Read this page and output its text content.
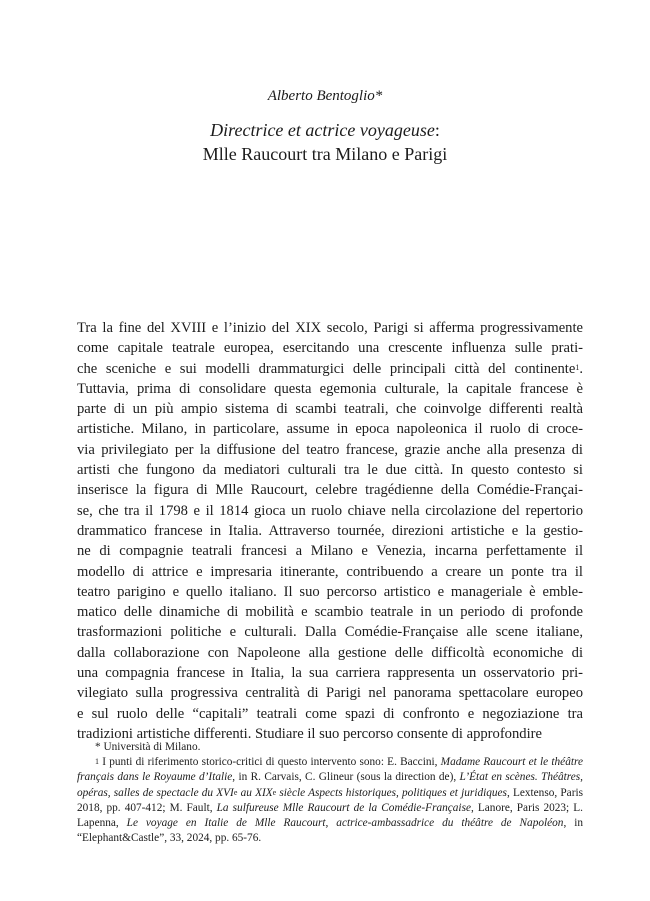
Alberto Bentoglio*
Directrice et actrice voyageuse:
Mlle Raucourt tra Milano e Parigi
Tra la fine del XVIII e l’inizio del XIX secolo, Parigi si afferma progressivamente
come capitale teatrale europea, esercitando una crescente influenza sulle prati-
che sceniche e sui modelli drammaturgici delle principali città del continente$^1$.
Tuttavia, prima di consolidare questa egemonia culturale, la capitale francese è
parte di un più ampio sistema di scambi teatrali, che coinvolge differenti realtà
artistiche. Milano, in particolare, assume in epoca napoleonica il ruolo di croce-
via privilegiato per la diffusione del teatro francese, grazie anche alla presenza di
artisti che fungono da mediatori culturali tra le due città. In questo contesto si
inserisce la figura di Mlle Raucourt, celebre tragédienne della Comédie-Françai-
se, che tra il 1798 e il 1814 gioca un ruolo chiave nella circolazione del repertorio
drammatico francese in Italia. Attraverso tournée, direzioni artistiche e la gestio-
ne di compagnie teatrali francesi a Milano e Venezia, incarna perfettamente il
modello di attrice e impresaria itinerante, contribuendo a creare un ponte tra il
teatro parigino e quello italiano. Il suo percorso artistico e manageriale è emble-
matico delle dinamiche di mobilità e scambio teatrale in un periodo di profonde
trasformazioni politiche e culturali. Dalla Comédie-Française alle scene italiane,
dalla collaborazione con Napoleone alla gestione delle difficoltà economiche di
una compagnia francese in Italia, la sua carriera rappresenta un osservatorio pri-
vilegiato sulla progressiva centralità di Parigi nel panorama spettacolare europeo
e sul ruolo delle “capitali” teatrali come spazi di confronto e negoziazione tra
tradizioni artistiche differenti. Studiare il suo percorso consente di approfondire
* Università di Milano.
$^1$ I punti di riferimento storico-critici di questo intervento sono: E. Baccini, Madame Raucourt et le théâtre français dans le Royaume d’Italie, in R. Carvais, C. Glineur (sous la direction de), L’État en scènes. Théâtres, opéras, salles de spectacle du XVIe au XIXe siècle Aspects historiques, politiques et juridiques, Lextenso, Paris 2018, pp. 407-412; M. Fault, La sulfureuse Mlle Raucourt de la Comédie-Française, Lanore, Paris 2023; L. Lapenna, Le voyage en Italie de Mlle Raucourt, actrice-ambassadrice du théâtre de Napoléon, in “Elephant&Castle”, 33, 2024, pp. 65-76.
